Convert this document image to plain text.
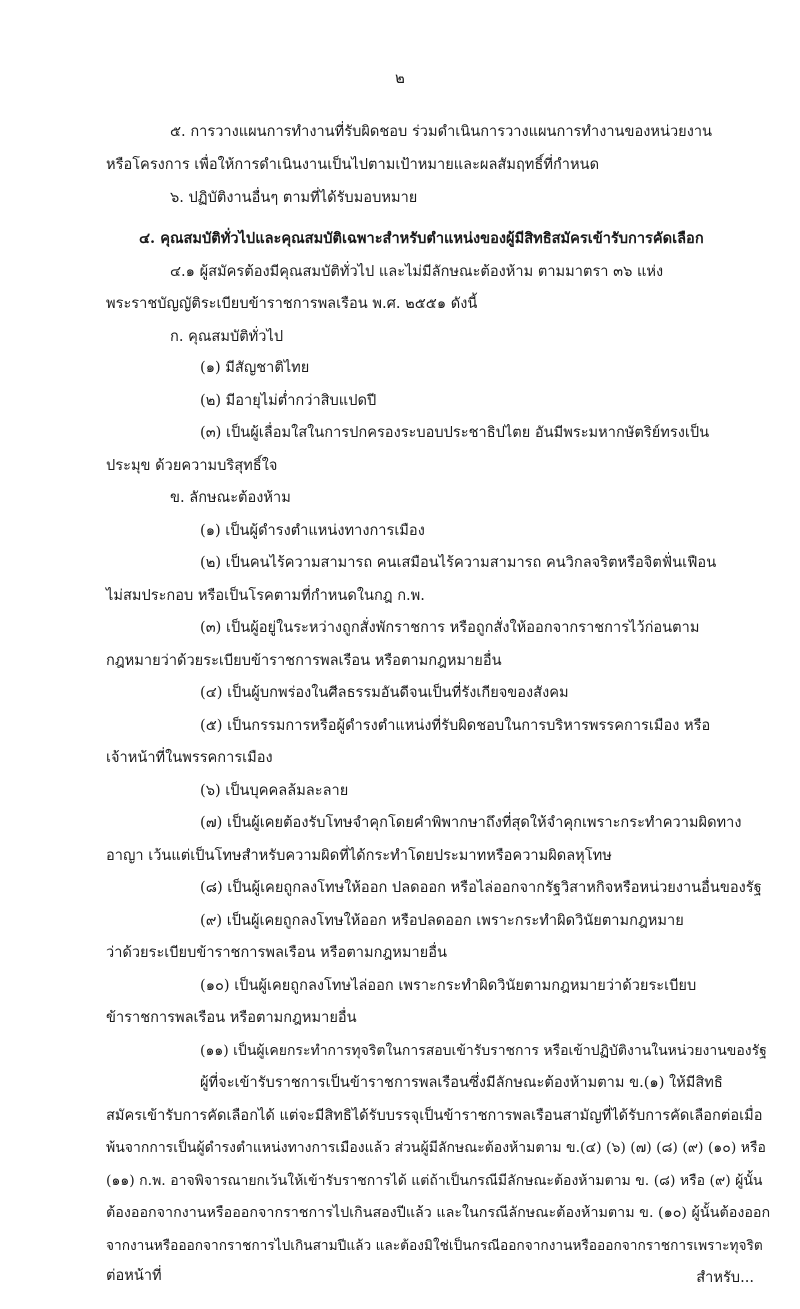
๒
๕. การวางแผนการทำงานที่รับผิดชอบ ร่วมดำเนินการวางแผนการทำงานของหน่วยงาน
หรือโครงการ เพื่อให้การดำเนินงานเป็นไปตามเป้าหมายและผลสัมฤทธิ์ที่กำหนด
๖. ปฏิบัติงานอื่นๆ ตามที่ได้รับมอบหมาย
๔. คุณสมบัติทั่วไปและคุณสมบัติเฉพาะสำหรับตำแหน่งของผู้มีสิทธิสมัครเข้ารับการคัดเลือก
๔.๑ ผู้สมัครต้องมีคุณสมบัติทั่วไป และไม่มีลักษณะต้องห้าม ตามมาตรา ๓๖ แห่ง
พระราชบัญญัติระเบียบข้าราชการพลเรือน พ.ศ. ๒๕๕๑ ดังนี้
ก. คุณสมบัติทั่วไป
(๑) มีสัญชาติไทย
(๒) มีอายุไม่ต่ำกว่าสิบแปดปี
(๓) เป็นผู้เลื่อมใสในการปกครองระบอบประชาธิปไตย อันมีพระมหากษัตริย์ทรงเป็น
ประมุข ด้วยความบริสุทธิ์ใจ
ข. ลักษณะต้องห้าม
(๑) เป็นผู้ดำรงตำแหน่งทางการเมือง
(๒) เป็นคนไร้ความสามารถ คนเสมือนไร้ความสามารถ คนวิกลจริตหรือจิตฟั่นเฟือน
ไม่สมประกอบ หรือเป็นโรคตามที่กำหนดในกฎ ก.พ.
(๓) เป็นผู้อยู่ในระหว่างถูกสั่งพักราชการ หรือถูกสั่งให้ออกจากราชการไว้ก่อนตาม
กฎหมายว่าด้วยระเบียบข้าราชการพลเรือน หรือตามกฎหมายอื่น
(๔) เป็นผู้บกพร่องในศีลธรรมอันดีจนเป็นที่รังเกียจของสังคม
(๕) เป็นกรรมการหรือผู้ดำรงตำแหน่งที่รับผิดชอบในการบริหารพรรคการเมือง หรือ
เจ้าหน้าที่ในพรรคการเมือง
(๖) เป็นบุคคลล้มละลาย
(๗) เป็นผู้เคยต้องรับโทษจำคุกโดยคำพิพากษาถึงที่สุดให้จำคุกเพราะกระทำความผิดทาง
อาญา เว้นแต่เป็นโทษสำหรับความผิดที่ได้กระทำโดยประมาทหรือความผิดลหุโทษ
(๘) เป็นผู้เคยถูกลงโทษให้ออก ปลดออก หรือไล่ออกจากรัฐวิสาหกิจหรือหน่วยงานอื่นของรัฐ
(๙) เป็นผู้เคยถูกลงโทษให้ออก หรือปลดออก เพราะกระทำผิดวินัยตามกฎหมาย
ว่าด้วยระเบียบข้าราชการพลเรือน หรือตามกฎหมายอื่น
(๑๐) เป็นผู้เคยถูกลงโทษไล่ออก เพราะกระทำผิดวินัยตามกฎหมายว่าด้วยระเบียบ
ข้าราชการพลเรือน หรือตามกฎหมายอื่น
(๑๑) เป็นผู้เคยกระทำการทุจริตในการสอบเข้ารับราชการ หรือเข้าปฏิบัติงานในหน่วยงานของรัฐ
ผู้ที่จะเข้ารับราชการเป็นข้าราชการพลเรือนซึ่งมีลักษณะต้องห้ามตาม ข.(๑) ให้มีสิทธิ
สมัครเข้ารับการคัดเลือกได้ แต่จะมีสิทธิได้รับบรรจุเป็นข้าราชการพลเรือนสามัญที่ได้รับการคัดเลือกต่อเมื่อ
พ้นจากการเป็นผู้ดำรงตำแหน่งทางการเมืองแล้ว ส่วนผู้มีลักษณะต้องห้ามตาม ข.(๔) (๖) (๗) (๘) (๙) (๑๐) หรือ
(๑๑) ก.พ. อาจพิจารณายกเว้นให้เข้ารับราชการได้ แต่ถ้าเป็นกรณีมีลักษณะต้องห้ามตาม ข. (๘) หรือ (๙) ผู้นั้น
ต้องออกจากงานหรือออกจากราชการไปเกินสองปีแล้ว และในกรณีลักษณะต้องห้ามตาม ข. (๑๐) ผู้นั้นต้องออก
จากงานหรือออกจากราชการไปเกินสามปีแล้ว และต้องมิใช่เป็นกรณีออกจากงานหรือออกจากราชการเพราะทุจริต
ต่อหน้าที่	สำหรับ...
